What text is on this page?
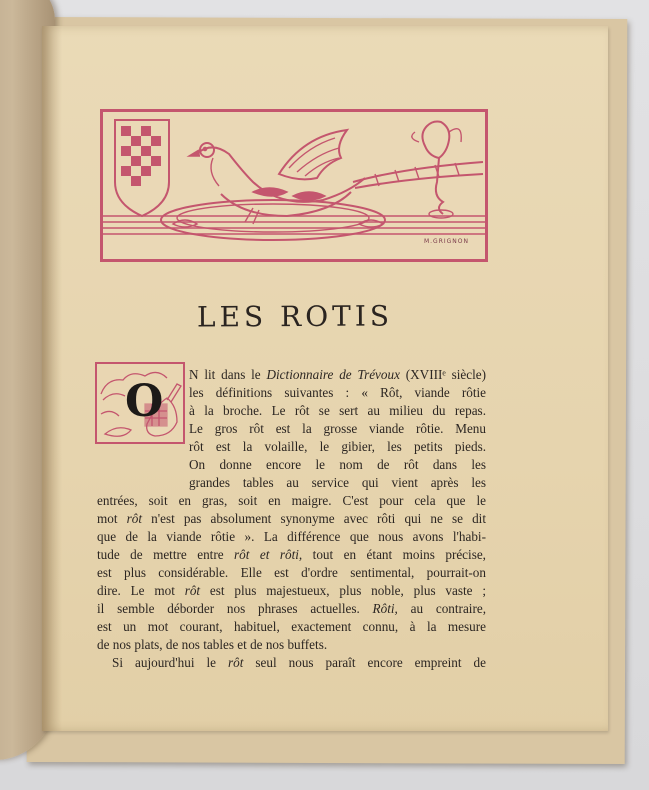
M.GRIGNON
LES ROTIS
O
N lit dans le Dictionnaire de Trévoux (XVIIIᵉ siècle)
les définitions suivantes : « Rôt, viande rôtie
à la broche. Le rôt se sert au milieu du repas.
Le gros rôt est la grosse viande rôtie. Menu
rôt est la volaille, le gibier, les petits pieds.
On donne encore le nom de rôt dans les
grandes tables au service qui vient après les
entrées, soit en gras, soit en maigre. C'est pour cela que le
mot rôt n'est pas absolument synonyme avec rôti qui ne se dit
que de la viande rôtie ». La différence que nous avons l'habi-
tude de mettre entre rôt et rôti, tout en étant moins précise,
est plus considérable. Elle est d'ordre sentimental, pourrait-on
dire. Le mot rôt est plus majestueux, plus noble, plus vaste ;
il semble déborder nos phrases actuelles. Rôti, au contraire,
est un mot courant, habituel, exactement connu, à la mesure
de nos plats, de nos tables et de nos buffets.
Si aujourd'hui le rôt seul nous paraît encore empreint de
